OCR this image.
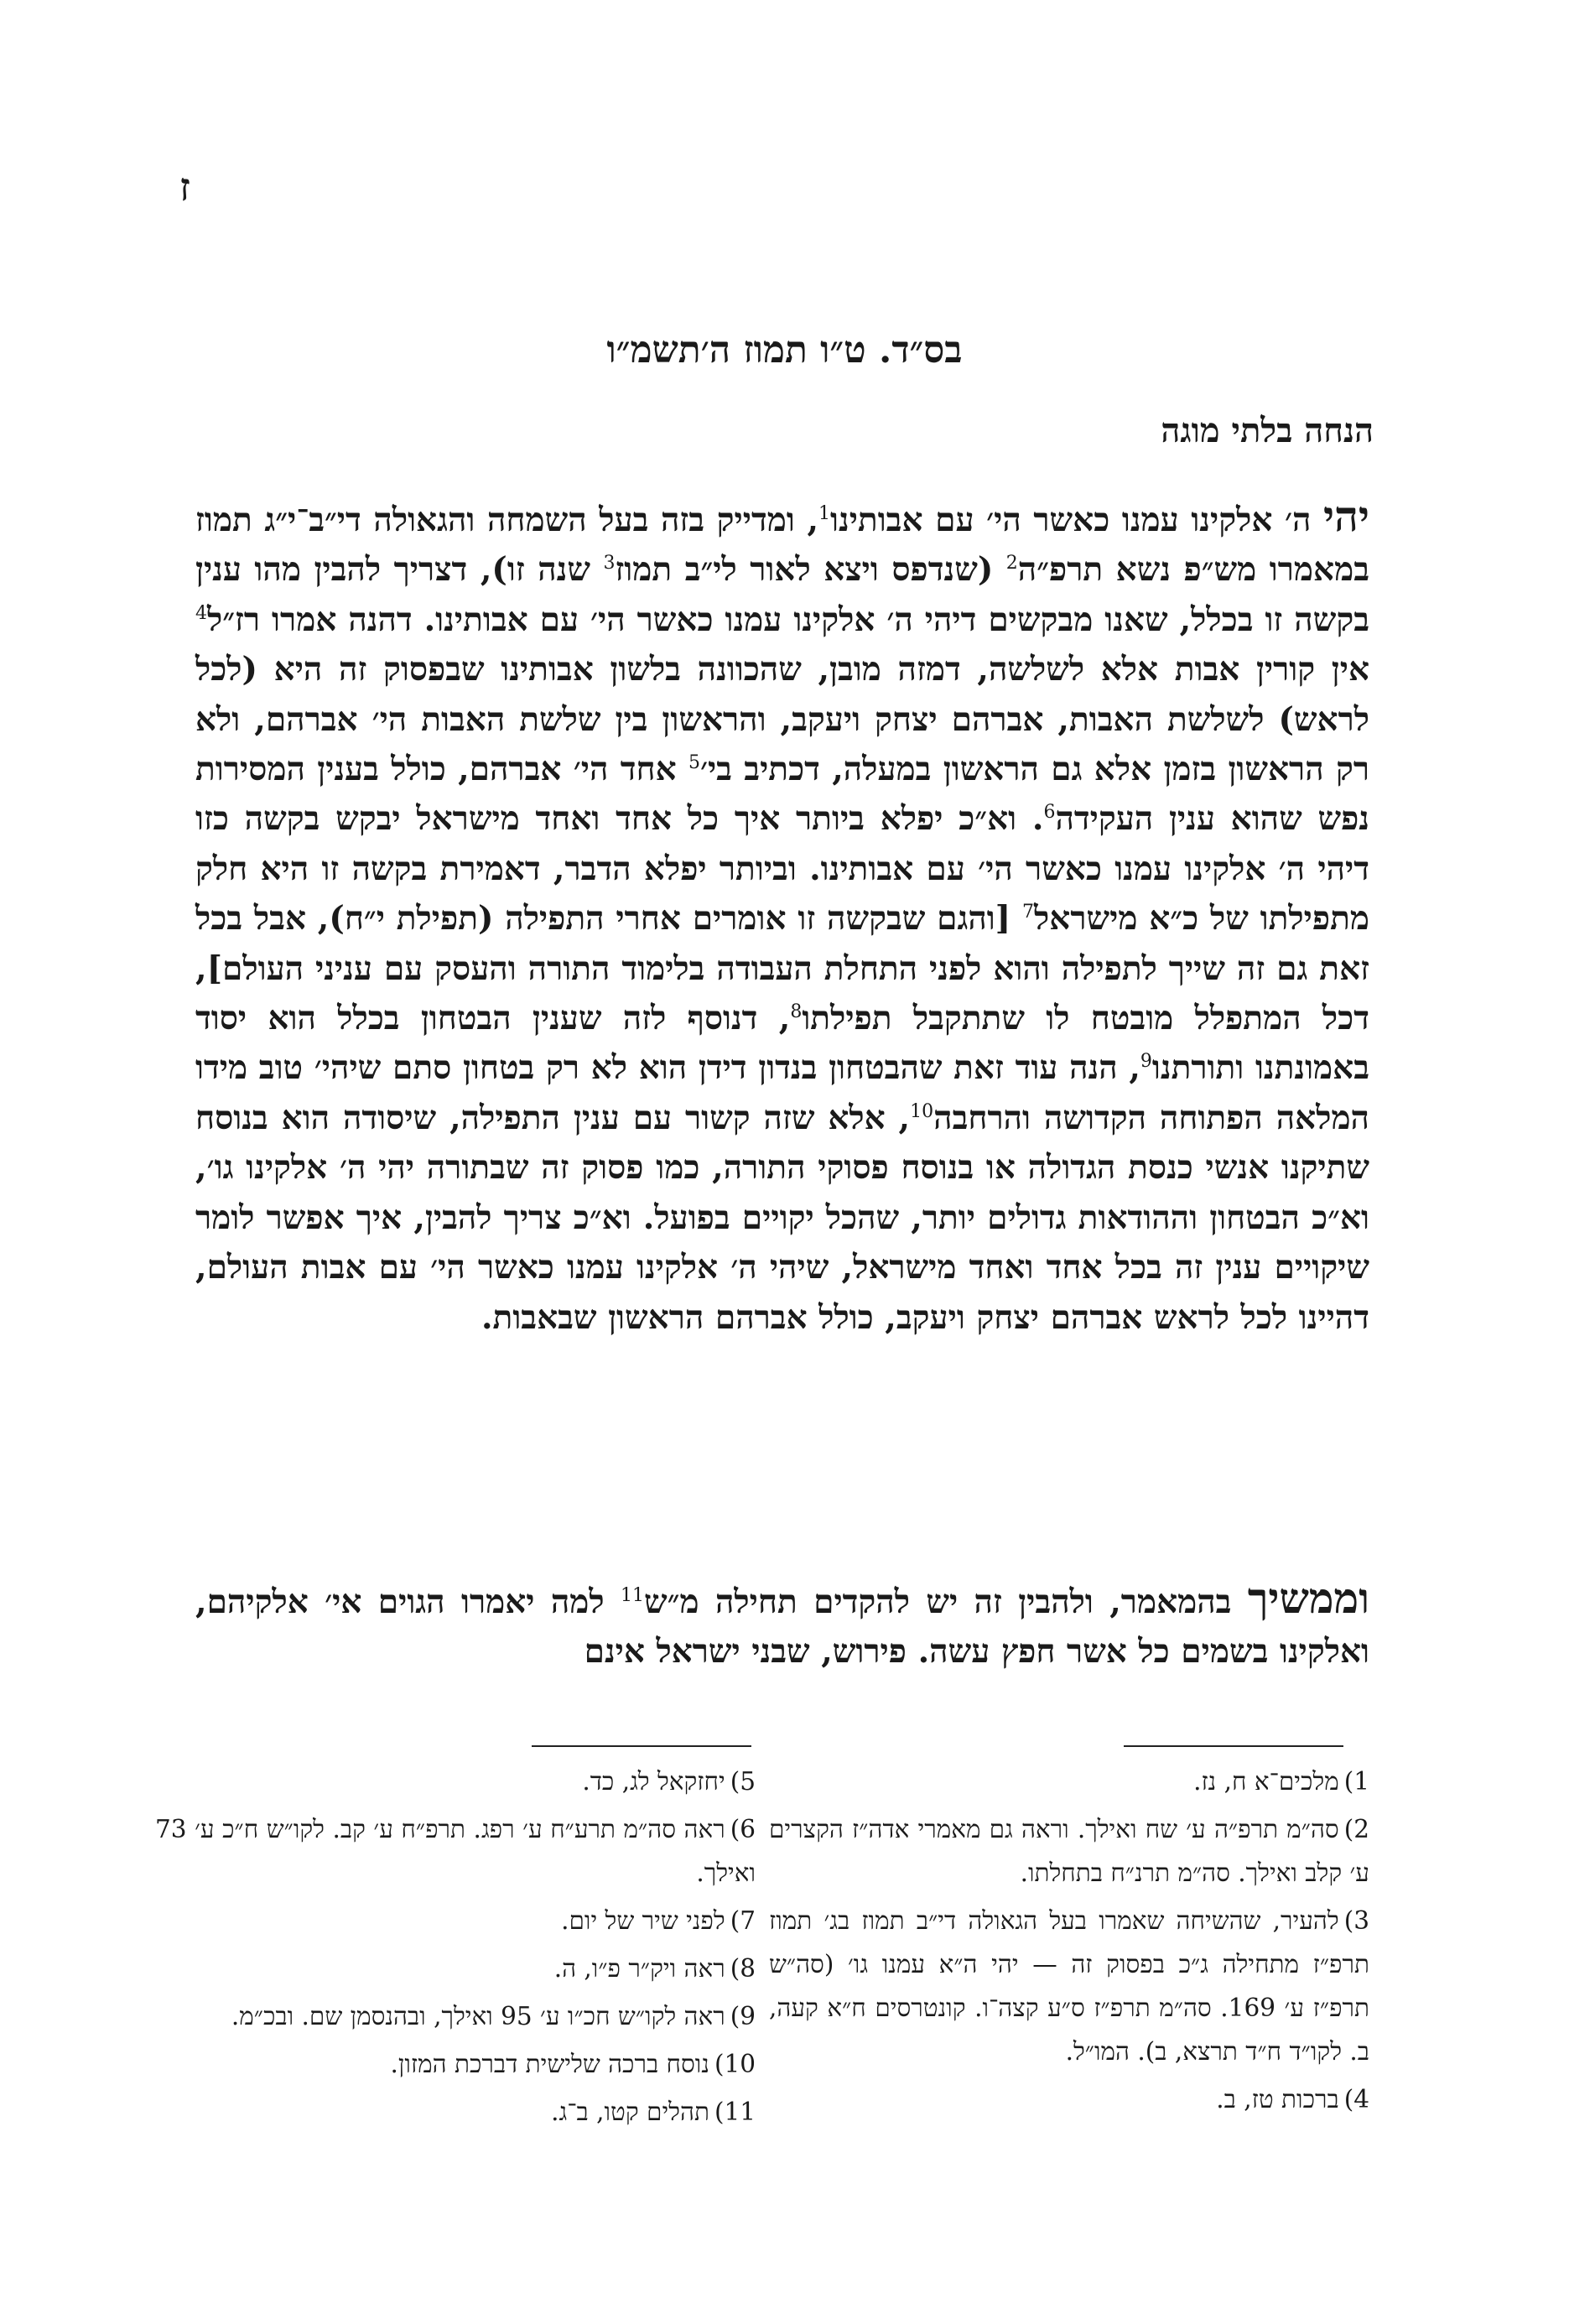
ז
בס״ד. ט״ו תמוז ה׳תשמ״ו
הנחה בלתי מוגה

יהי ה׳ אלקינו עמנו כאשר הי׳ עם אבותינו$^1$, ומדייק בזה בעל השמחה והגאולה די״ב־י״ג תמוז במאמרו מש״פ נשא תרפ״ה$^2$ (שנדפס ויצא לאור לי״ב תמוז$^3$ שנה זו), דצריך להבין מהו ענין בקשה זו בכלל, שאנו מבקשים דיהי ה׳ אלקינו עמנו כאשר הי׳ עם אבותינו. דהנה אמרו רז״ל$^4$ אין קורין אבות אלא לשלשה, דמזה מובן, שהכוונה בלשון אבותינו שבפסוק זה היא (לכל לראש) לשלשת האבות, אברהם יצחק ויעקב, והראשון בין שלשת האבות הי׳ אברהם, ולא רק הראשון בזמן אלא גם הראשון במעלה, דכתיב בי׳$^5$ אחד הי׳ אברהם, כולל בענין המסירות נפש שהוא ענין העקידה$^6$. וא״כ יפלא ביותר איך כל אחד ואחד מישראל יבקש בקשה כזו דיהי ה׳ אלקינו עמנו כאשר הי׳ עם אבותינו. וביותר יפלא הדבר, דאמירת בקשה זו היא חלק מתפילתו של כ״א מישראל$^7$ [והגם שבקשה זו אומרים אחרי התפילה (תפילת י״ח), אבל בכל זאת גם זה שייך לתפילה והוא לפני התחלת העבודה בלימוד התורה והעסק עם עניני העולם], דכל המתפלל מובטח לו שתתקבל תפילתו$^8$, דנוסף לזה שענין הבטחון בכלל הוא יסוד באמונתנו ותורתנו$^9$, הנה עוד זאת שהבטחון בנדון דידן הוא לא רק בטחון סתם שיהי׳ טוב מידו המלאה הפתוחה הקדושה והרחבה$^{10}$, אלא שזה קשור עם ענין התפילה, שיסודה הוא בנוסח שתיקנו אנשי כנסת הגדולה או בנוסח פסוקי התורה, כמו פסוק זה שבתורה יהי ה׳ אלקינו גו׳, וא״כ הבטחון וההודאות גדולים יותר, שהכל יקויים בפועל. וא״כ צריך להבין, איך אפשר לומר שיקויים ענין זה בכל אחד ואחד מישראל, שיהי ה׳ אלקינו עמנו כאשר הי׳ עם אבות העולם, דהיינו לכל לראש אברהם יצחק ויעקב, כולל אברהם הראשון שבאבות.

וממשיך בהמאמר, ולהבין זה יש להקדים תחילה מ״ש$^{11}$ למה יאמרו הגוים אי׳ אלקיהם, ואלקינו בשמים כל אשר חפץ עשה. פירוש, שבני ישראל אינם

1)מלכים־א ח, נז.
2)סה״מ תרפ״ה ע׳ שח ואילך. וראה גם מאמרי אדה״ז הקצרים ע׳ קלב ואילך. סה״מ תרנ״ח בתחלתו.
3)להעיר, שהשיחה שאמרו בעל הגאולה די״ב תמוז בג׳ תמוז תרפ״ז מתחילה ג״כ בפסוק זה — יהי ה״א עמנו גו׳ (סה״ש תרפ״ז ע׳ 169. סה״מ תרפ״ז ס״ע קצה־ו. קונטרסים ח״א קעה, ב. לקו״ד ח״ד תרצא, ב). המו״ל.
4)ברכות טז, ב.
5)יחזקאל לג, כד.
6)ראה סה״מ תרע״ח ע׳ רפג. תרפ״ח ע׳ קב. לקו״ש ח״כ ע׳ 73 ואילך.
7)לפני שיר של יום.
8)ראה ויק״ר פ״ו, ה.
9)ראה לקו״ש חכ״ו ע׳ 95 ואילך, ובהנסמן שם. ובכ״מ.
10)נוסח ברכה שלישית דברכת המזון.
11)תהלים קטו, ב־ג.
